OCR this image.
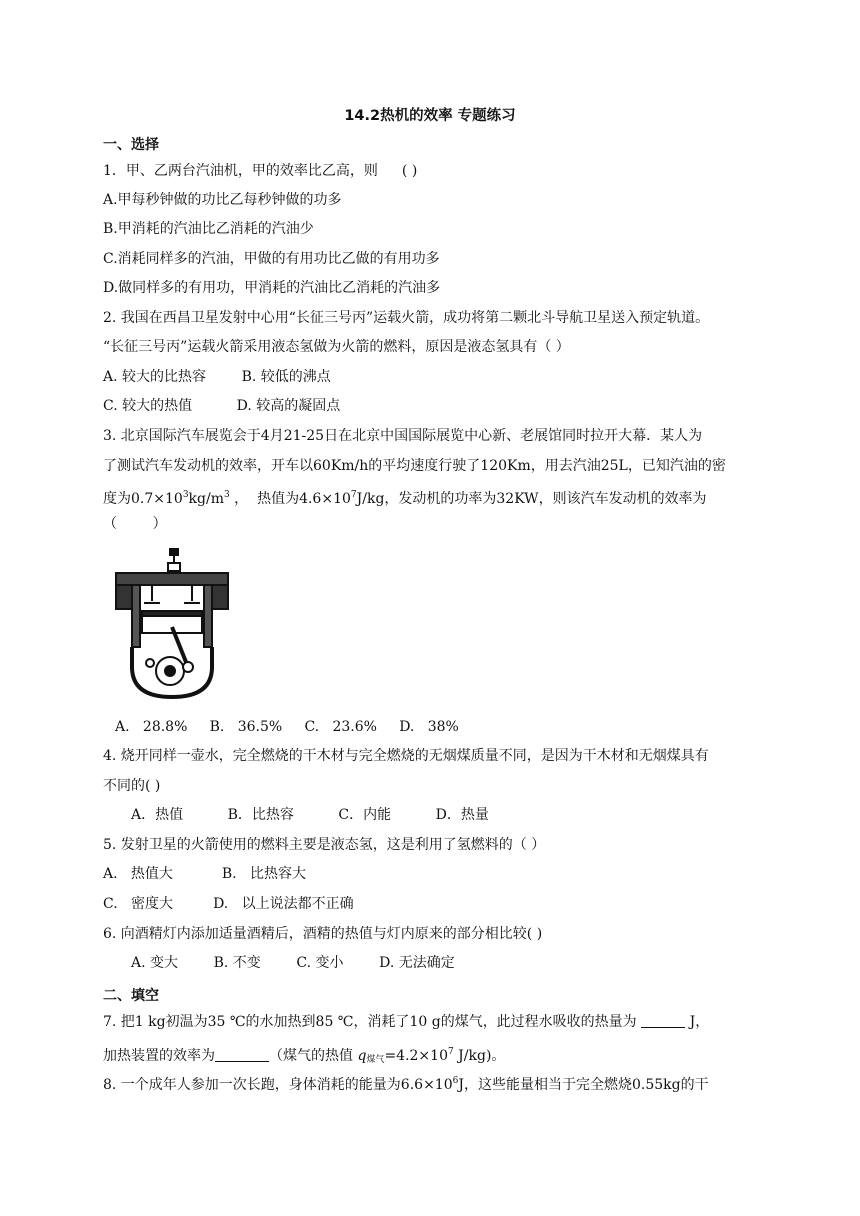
14.2热机的效率 专题练习
一、选择
1．甲、乙两台汽油机，甲的效率比乙高，则 ( )
A.甲每秒钟做的功比乙每秒钟做的功多
B.甲消耗的汽油比乙消耗的汽油少
C.消耗同样多的汽油，甲做的有用功比乙做的有用功多
D.做同样多的有用功，甲消耗的汽油比乙消耗的汽油多
2. 我国在西昌卫星发射中心用“长征三号丙”运载火箭，成功将第二颗北斗导航卫星送入预定轨道。
“长征三号丙”运载火箭采用液态氢做为火箭的燃料，原因是液态氢具有（ ）
A. 较大的比热容        B. 较低的沸点
C. 较大的热值          D. 较高的凝固点
3. 北京国际汽车展览会于4月21-25日在北京中国国际展览中心新、老展馆同时拉开大幕．某人为
了测试汽车发动机的效率，开车以60Km/h的平均速度行驶了120Km，用去汽油25L，已知汽油的密
度为$0.7\times 10^3kg/m^3$ ，  热值为$4.6\times 10^7J/kg$，发动机的功率为32KW，则该汽车发动机的效率为
（        ）
A.   28.8%     B.   36.5%     C.   23.6%     D.   38%
4. 烧开同样一壶水，完全燃烧的干木材与完全燃烧的无烟煤质量不同，是因为干木材和无烟煤具有
不同的( )
A．热值          B．比热容          C．内能          D．热量
5. 发射卫星的火箭使用的燃料主要是液态氢，这是利用了氢燃料的（ ）
A.   热值大           B.   比热容大
C.   密度大         D.   以上说法都不正确
6. 向酒精灯内添加适量酒精后，酒精的热值与灯内原来的部分相比较( )
A. 变大        B. 不变        C. 变小        D. 无法确定
二、填空
7. 把1 kg初温为35 ℃的水加热到85 ℃，消耗了10 g的煤气，此过程水吸收的热量为	J，
加热装置的效率为	（煤气的热值 $q_{煤气}=4.2\times 10^7$ J/kg)。
8. 一个成年人参加一次长跑，身体消耗的能量为$6.6\times 10^6J$，这些能量相当于完全燃烧0.55kg的干
